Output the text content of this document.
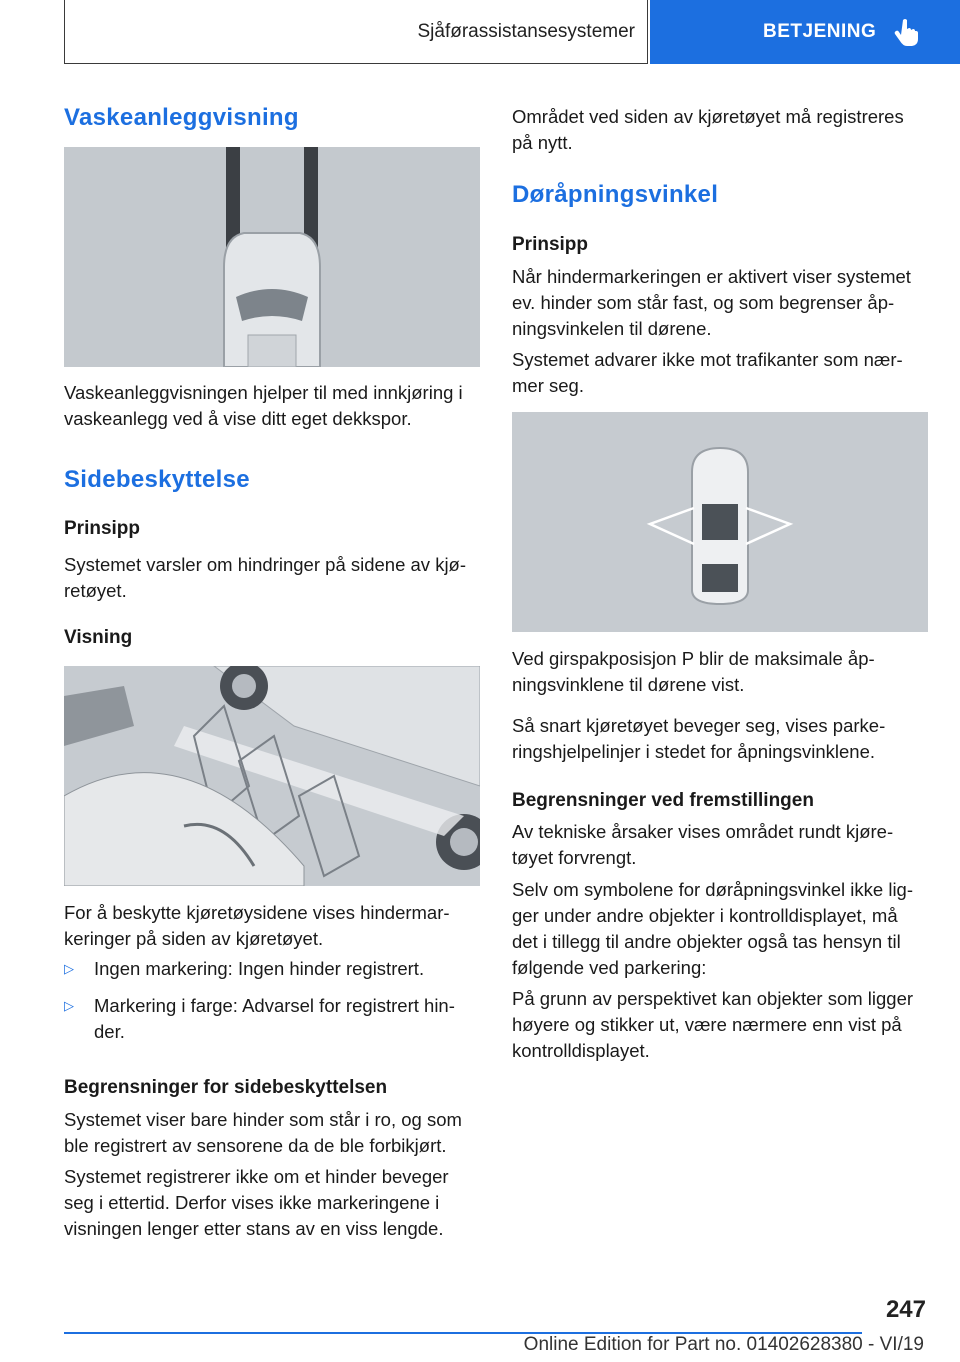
Sjåførassistansesystemer	BETJENING
Vaskeanleggvisning

Vaskeanleggvisningen hjelper til med innkjøring i vaskeanlegg ved å vise ditt eget dekkspor.

Sidebeskyttelse
Prinsipp

Systemet varsler om hindringer på sidene av kjø-retøyet.

Visning

For å beskytte kjøretøysidene vises hindermar-keringer på siden av kjøretøyet.

▷ Ingen markering: Ingen hinder registrert.
▷ Markering i farge: Advarsel for registrert hin-der.
Begrensninger for sidebeskyttelsen

Systemet viser bare hinder som står i ro, og som ble registrert av sensorene da de ble forbikjørt.

Systemet registrerer ikke om et hinder beveger seg i ettertid. Derfor vises ikke markeringene i visningen lenger etter stans av en viss lengde.

Området ved siden av kjøretøyet må registreres på nytt.

Døråpningsvinkel
Prinsipp

Når hindermarkeringen er aktivert viser systemet ev. hinder som står fast, og som begrenser åp-ningsvinkelen til dørene.

Systemet advarer ikke mot trafikanter som nær-mer seg.

Ved girspakposisjon P blir de maksimale åp-ningsvinklene til dørene vist.

Så snart kjøretøyet beveger seg, vises parke-ringshjelpelinjer i stedet for åpningsvinklene.

Begrensninger ved fremstillingen

Av tekniske årsaker vises området rundt kjøre-tøyet forvrengt.

Selv om symbolene for døråpningsvinkel ikke lig-ger under andre objekter i kontrolldisplayet, må det i tillegg til andre objekter også tas hensyn til følgende ved parkering:

På grunn av perspektivet kan objekter som ligger høyere og stikker ut, være nærmere enn vist på kontrolldisplayet.

247
Online Edition for Part no. 01402628380 - VI/19
